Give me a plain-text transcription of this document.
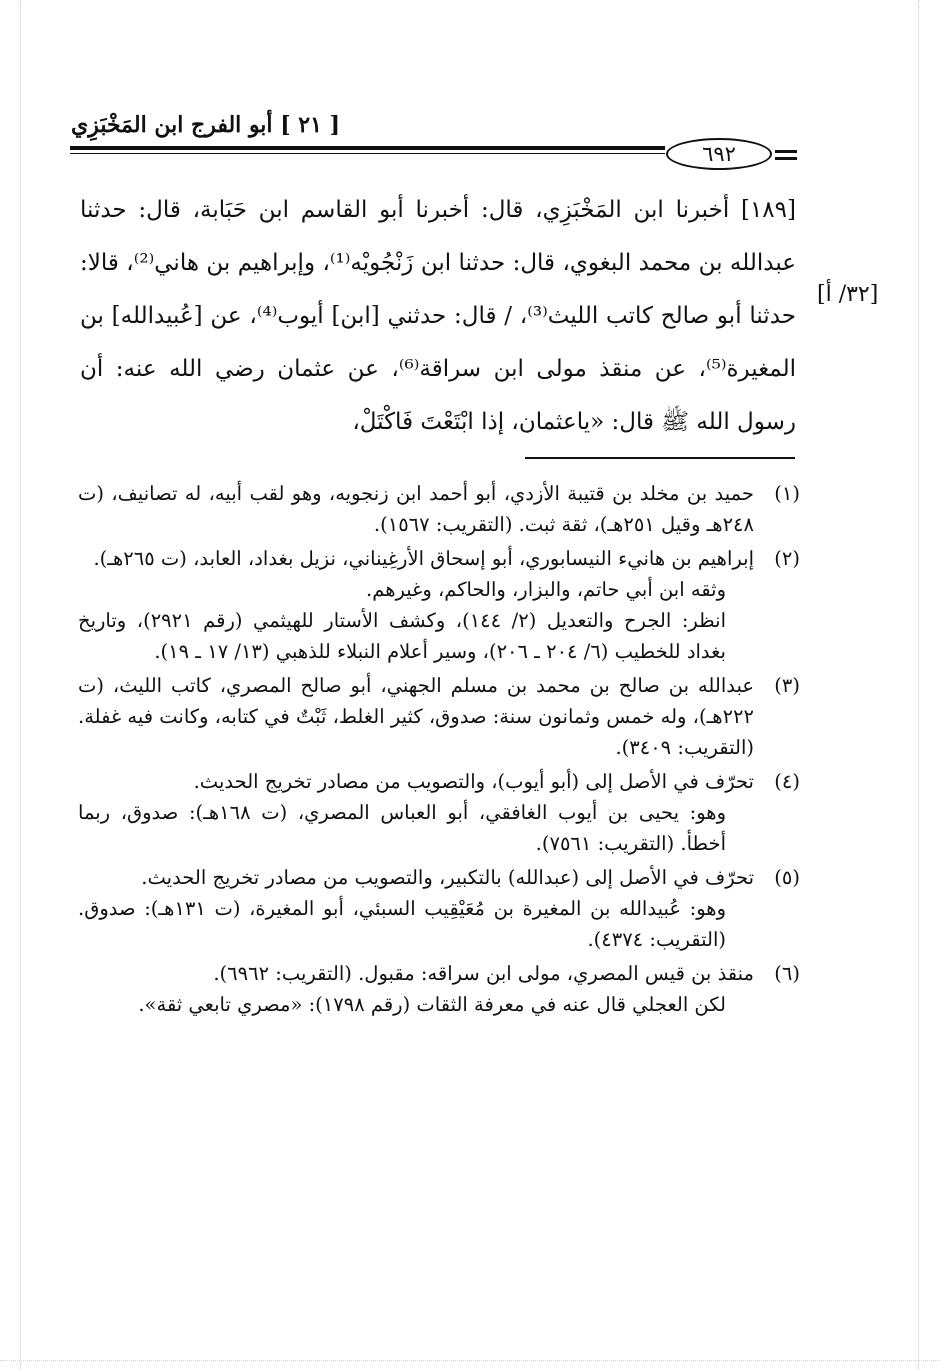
[ ٢١ ] أبو الفرج ابن المَخْبَزِي
٦٩٢
[٣٢/ أ]
[١٨٩] أخبرنا ابن المَخْبَزِي، قال: أخبرنا أبو القاسم ابن حَبَابة، قال: حدثنا عبدالله بن محمد البغوي، قال: حدثنا ابن زَنْجُويْه⁽¹⁾، وإبراهيم بن هاني⁽²⁾، قالا: حدثنا أبو صالح كاتب الليث⁽³⁾، / قال: حدثني [ابن] أيوب⁽⁴⁾، عن [عُبيدالله] بن المغيرة⁽⁵⁾، عن منقذ مولى ابن سراقة⁽⁶⁾، عن عثمان رضي الله عنه: أن رسول الله ﷺ قال: «ياعثمان، إذا ابْتَعْتَ فَاكْتَلْ،
(١)
حميد بن مخلد بن قتيبة الأزدي، أبو أحمد ابن زنجويه، وهو لقب أبيه، له تصانيف، (ت ٢٤٨هـ وقيل ٢٥١هـ)، ثقة ثبت. (التقريب: ١٥٦٧).
(٢)
إبراهيم بن هانيء النيسابوري، أبو إسحاق الأرغِيناني، نزيل بغداد، العابد، (ت ٢٦٥هـ).
وثقه ابن أبي حاتم، والبزار، والحاكم، وغيرهم.
انظر: الجرح والتعديل (٢/ ١٤٤)، وكشف الأستار للهيثمي (رقم ٢٩٢١)، وتاريخ بغداد للخطيب (٦/ ٢٠٤ ـ ٢٠٦)، وسير أعلام النبلاء للذهبي (١٣/ ١٧ ـ ١٩).
(٣)
عبدالله بن صالح بن محمد بن مسلم الجهني، أبو صالح المصري، كاتب الليث، (ت ٢٢٢هـ)، وله خمس وثمانون سنة: صدوق، كثير الغلط، ثَبْتٌ في كتابه، وكانت فيه غفلة. (التقريب: ٣٤٠٩).
(٤)
تحرّف في الأصل إلى (أبو أيوب)، والتصويب من مصادر تخريج الحديث.
وهو: يحيى بن أيوب الغافقي، أبو العباس المصري، (ت ١٦٨هـ): صدوق، ربما أخطأ. (التقريب: ٧٥٦١).
(٥)
تحرّف في الأصل إلى (عبدالله) بالتكبير، والتصويب من مصادر تخريج الحديث.
وهو: عُبيدالله بن المغيرة بن مُعَيْقِيب السبئي، أبو المغيرة، (ت ١٣١هـ): صدوق. (التقريب: ٤٣٧٤).
(٦)
منقذ بن قيس المصري، مولى ابن سراقه: مقبول. (التقريب: ٦٩٦٢).
لكن العجلي قال عنه في معرفة الثقات (رقم ١٧٩٨): «مصري تابعي ثقة».
